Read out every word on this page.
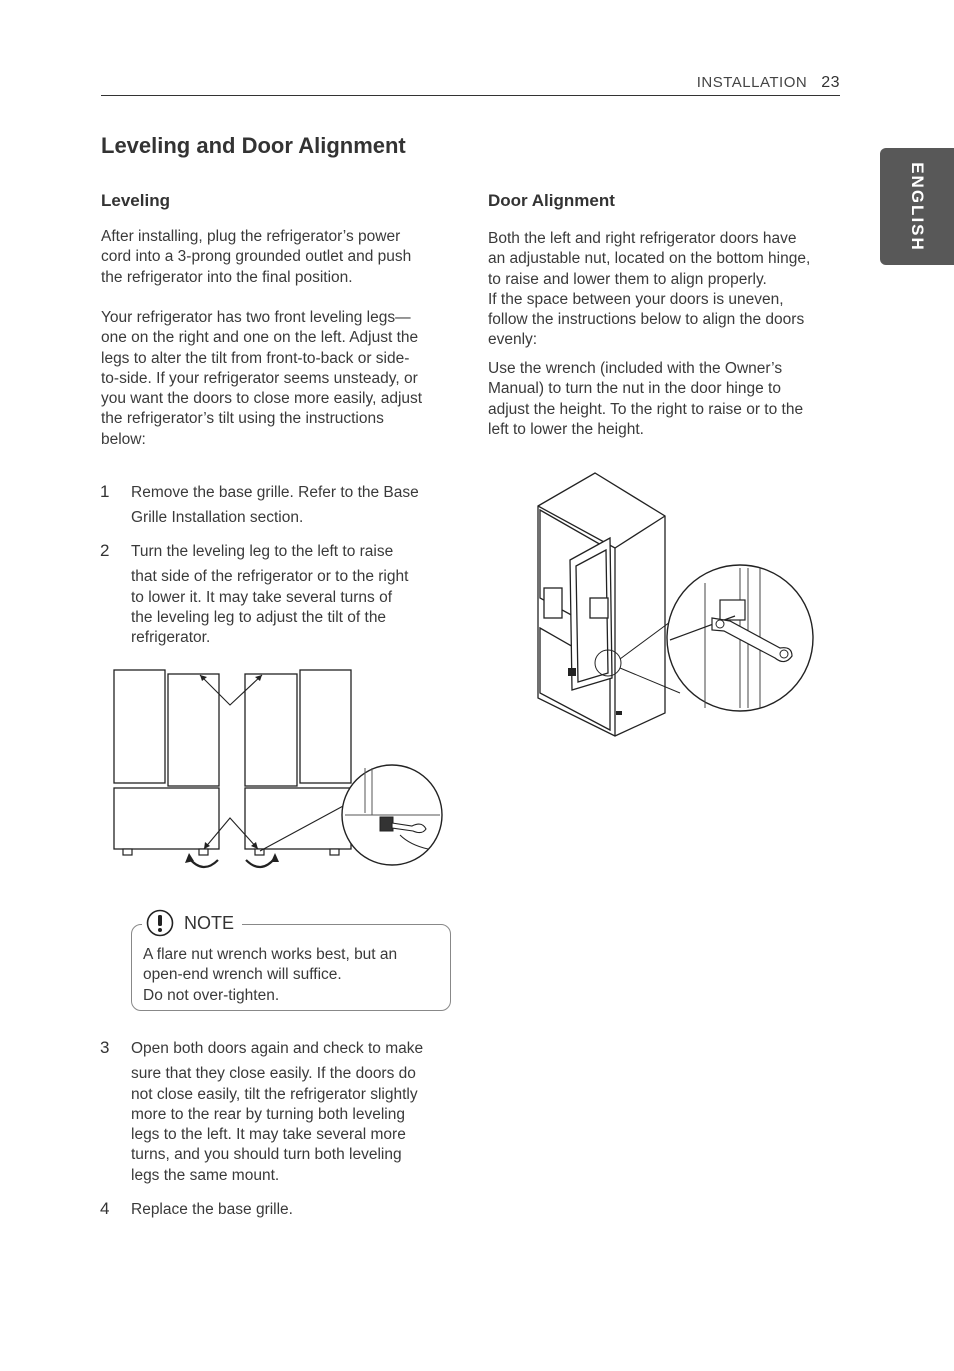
INSTALLATION 23
ENGLISH
Leveling and Door Alignment
Leveling

After installing, plug the refrigerator’s power
cord into a 3-prong grounded outlet and push
the refrigerator into the final position.

Your refrigerator has two front leveling legs—
one on the right and one on the left. Adjust the
legs to alter the tilt from front-to-back or side-
to-side. If your refrigerator seems unsteady, or
you want the doors to close more easily, adjust
the refrigerator’s tilt using the instructions
below:

1 Remove the base grille. Refer to the Base
Grille Installation section.

2 Turn the leveling leg to the left to raise
that side of the refrigerator or to the right
to lower it. It may take several turns of
the leveling leg to adjust the tilt of the
refrigerator.

NOTE

A flare nut wrench works best, but an
open-end wrench will suffice.
Do not over-tighten.

3 Open both doors again and check to make
sure that they close easily. If the doors do
not close easily, tilt the refrigerator slightly
more to the rear by turning both leveling
legs to the left. It may take several more
turns, and you should turn both leveling
legs the same mount.

4 Replace the base grille.

Door Alignment

Both the left and right refrigerator doors have
an adjustable nut, located on the bottom hinge,
to raise and lower them to align properly.
If the space between your doors is uneven,
follow the instructions below to align the doors
evenly:

Use the wrench (included with the Owner’s
Manual) to turn the nut in the door hinge to
adjust the height. To the right to raise or to the
left to lower the height.
